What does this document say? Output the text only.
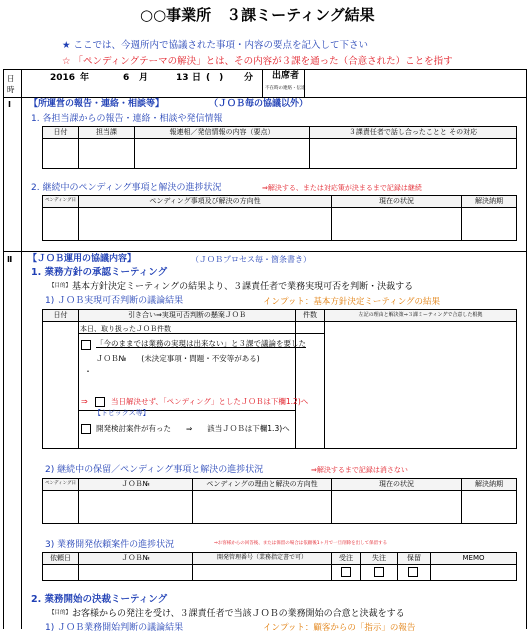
○○事業所　３課ミーティング結果
★ ここでは、今週所内で協議された事項・内容の要点を記入して下さい
☆ 「ペンディングテーマの解決」とは、その内容が３課を通った（合意された）ことを指す
日時
2016 年	6 月	13 日 (　) 分 出席者
不在時の連絡・伝達
Ⅰ 【所運営の報告・連絡・相談等】	（ＪＯＢ毎の協議以外）
1. 各担当課からの報告・連絡・相談や発信情報
日付	担当課	報連相／発信情報の内容（要点）	３課責任者で話し合ったことと その対応
2. 継続中のペンディング事項と解決の進捗状況	⇒解決する、または対応策が決まるまで記録は継続
ペンディング日	ペンディング事項及び解決の方向性	現在の状況	解決納期
Ⅱ 【ＪＯＢ運用の協議内容】	（ＪＯＢプロセス毎・箇条書き）
1. 業務方針の承認ミーティング
【目的】 基本方針決定ミーティングの結果より、３課責任者で業務実現可否を判断・決裁する
1) ＪＯＢ実現可否判断の議論結果	インプット：基本方針決定ミーティングの結果
日付	引き合い⇒実現可否判断の懸案ＪＯＢ	件数	左記の理由と解決策⇒３課ミーティングで合意した根拠
本日、取り扱ったＪＯＢ件数
「今のままでは業務の実現は出来ない」と３課で議論を要した
ＪＯＢ№　　(未決定事項・問題・不安等がある)
・
⇒	当日解決せず、「ペンディング」としたＪＯＢは下欄1.2)へ
【トピックス等】
開発検討案件が有った　　⇒　　該当ＪＯＢは下欄1.3)へ
2) 継続中の保留／ペンディング事項と解決の進捗状況	⇒解決するまで記録は消さない
ペンディング日	ＪＯＢ№	ペンディングの理由と解決の方向性	現在の状況	解決納期
3) 業務開発依頼案件の進捗状況	⇒お客様からの回答後、または保留の場合は依頼後1ヶ月で一旦削除を出して保留する
依頼日	ＪＯＢ№	開発管理番号（業務指定書で可）	受注	失注	保留	MEMO
2. 業務開始の決裁ミーティング
【目的】 お客様からの発注を受け、３課責任者で当該ＪＯＢの業務開始の合意と決裁をする
1) ＪＯＢ業務開始判断の議論結果	インプット：顧客からの「指示」の報告
